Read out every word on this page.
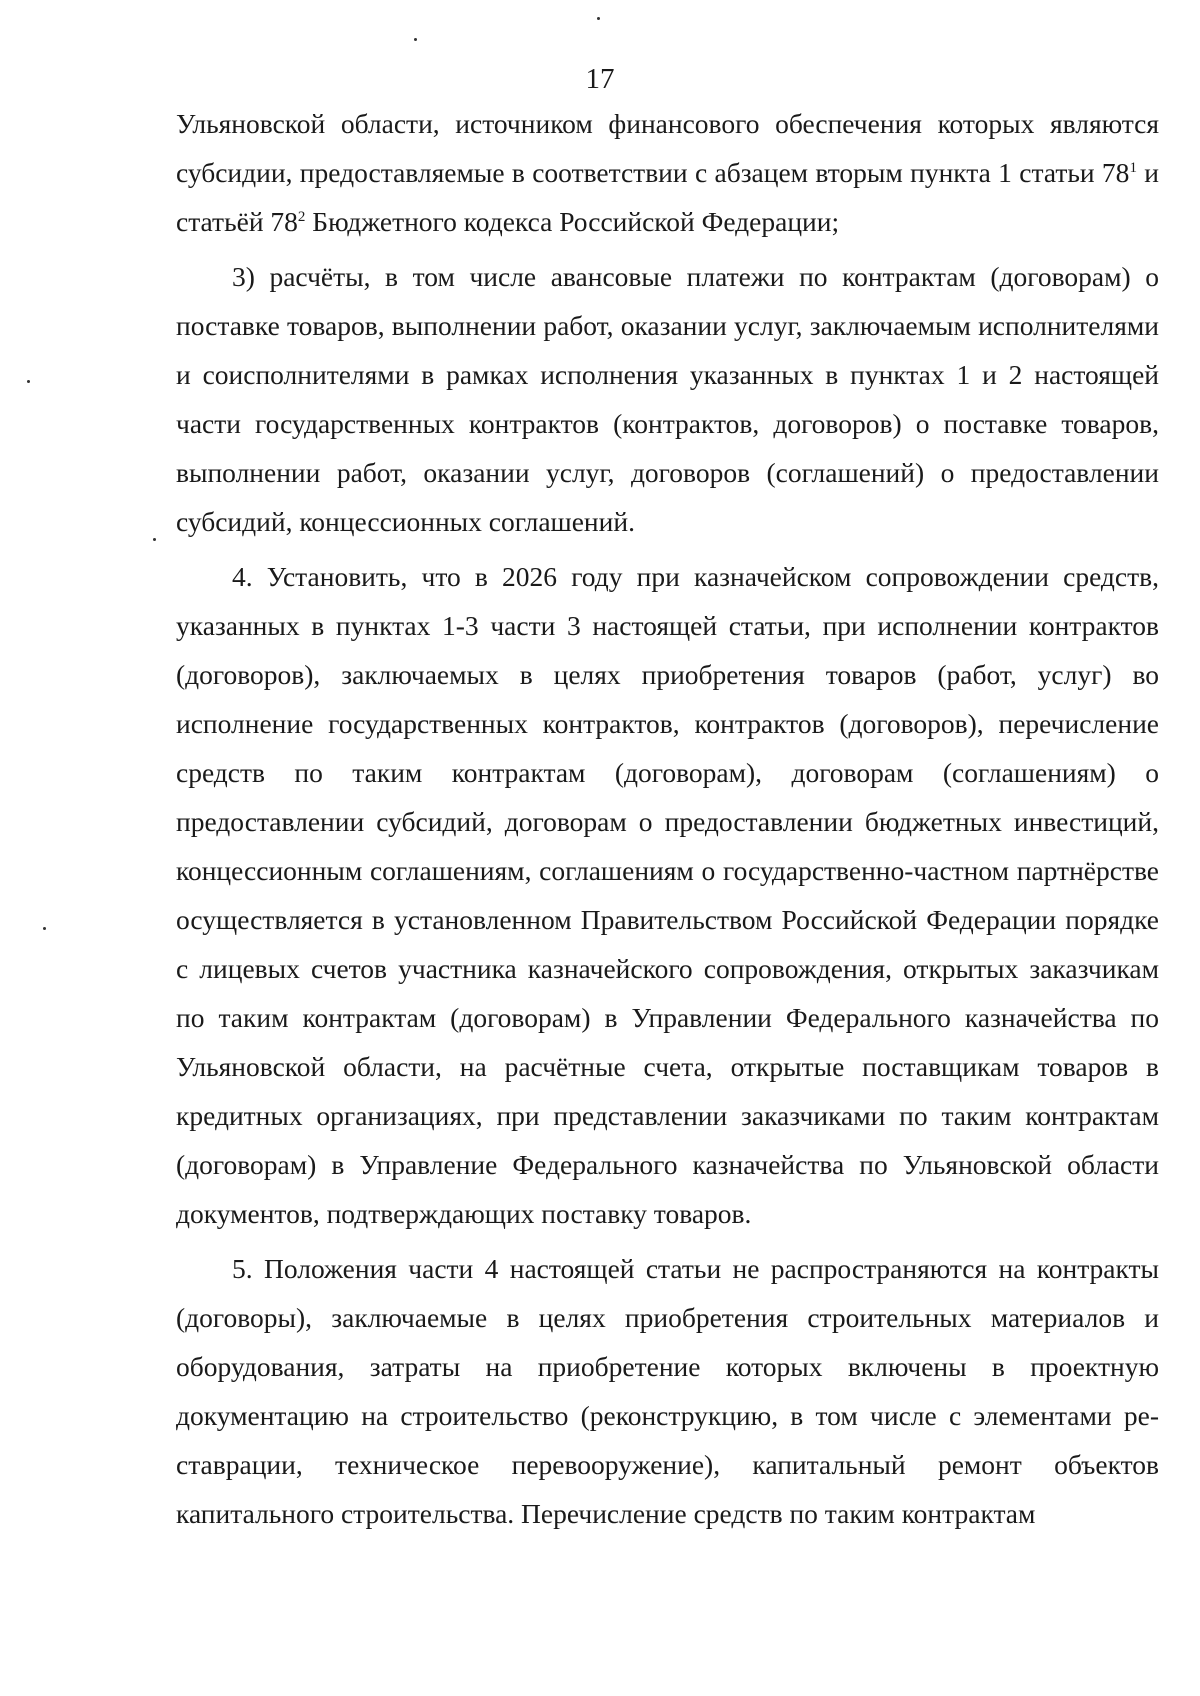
17

Ульяновской области, источником финансового обеспечения которых являются субсидии, предоставляемые в соответствии с абзацем вторым пункта 1 статьи $78^1$ и статьёй $78^2$ Бюджетного кодекса Российской Федерации;

3) расчёты, в том числе авансовые платежи по контрактам (договорам) о поставке товаров, выполнении работ, оказании услуг, заключаемым исполнителями и соисполнителями в рамках исполнения указанных в пунктах 1 и 2 настоящей части государственных контрактов (контрактов, договоров) о поставке товаров, выполнении работ, оказании услуг, договоров (соглашений) о предоставлении субсидий, концессионных соглашений.

4. Установить, что в 2026 году при казначейском сопровождении средств, указанных в пунктах 1-3 части 3 настоящей статьи, при исполнении контрактов (договоров), заключаемых в целях приобретения товаров (работ, услуг) во исполнение государственных контрактов, контрактов (договоров), перечисление средств по таким контрактам (договорам), договорам (соглашениям) о предоставлении субсидий, договорам о предоставлении бюджетных инвестиций, концессионным соглашениям, соглашениям о государственно-частном партнёрстве осуществляется в установленном Правительством Российской Федерации порядке с лицевых счетов участника казначейского сопровождения, открытых заказчикам по таким контрактам (договорам) в Управлении Федерального казначейства по Ульяновской области, на расчётные счета, открытые поставщикам товаров в кредитных организациях, при представлении заказчиками по таким контрактам (договорам) в Управление Федерального казначейства по Ульяновской области документов, подтверждающих поставку товаров.

5. Положения части 4 настоящей статьи не распространяются на контракты (договоры), заключаемые в целях приобретения строительных материалов и оборудования, затраты на приобретение которых включены в проектную документацию на строительство (реконструкцию, в том числе с элементами реставрации, техническое перевооружение), капитальный ремонт объектов капитального строительства. Перечисление средств по таким контрактам
